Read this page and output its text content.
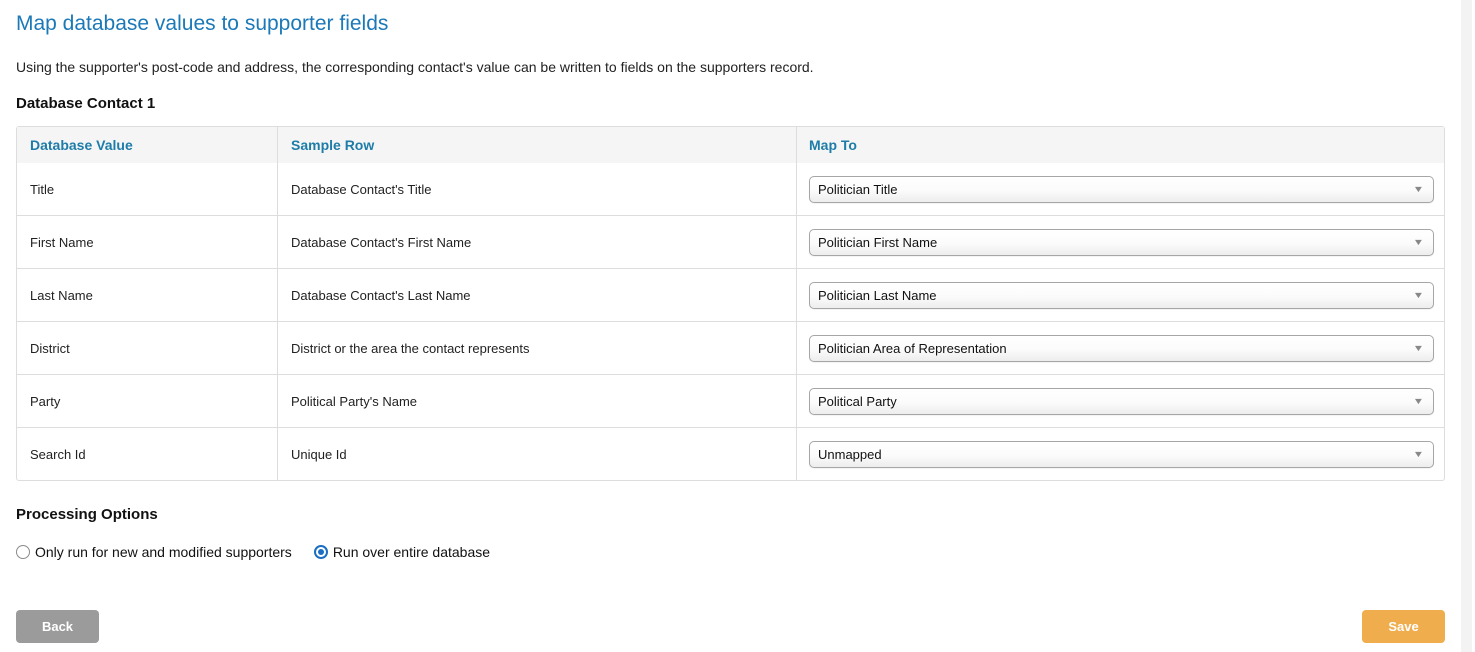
Map database values to supporter fields

Using the supporter's post-code and address, the corresponding contact's value can be written to fields on the supporters record.

Database Contact 1
Database Value	Sample Row	Map To
Title	Database Contact's Title	Politician Title	▼
First Name	Database Contact's First Name	Politician First Name	▼
Last Name	Database Contact's Last Name	Politician Last Name	▼
District	District or the area the contact represents	Politician Area of Representation	▼
Party	Political Party's Name	Political Party	▼
Search Id	Unique Id	Unmapped	▼
Processing Options
Only run for new and modified supporters	Run over entire database
Back	Save
